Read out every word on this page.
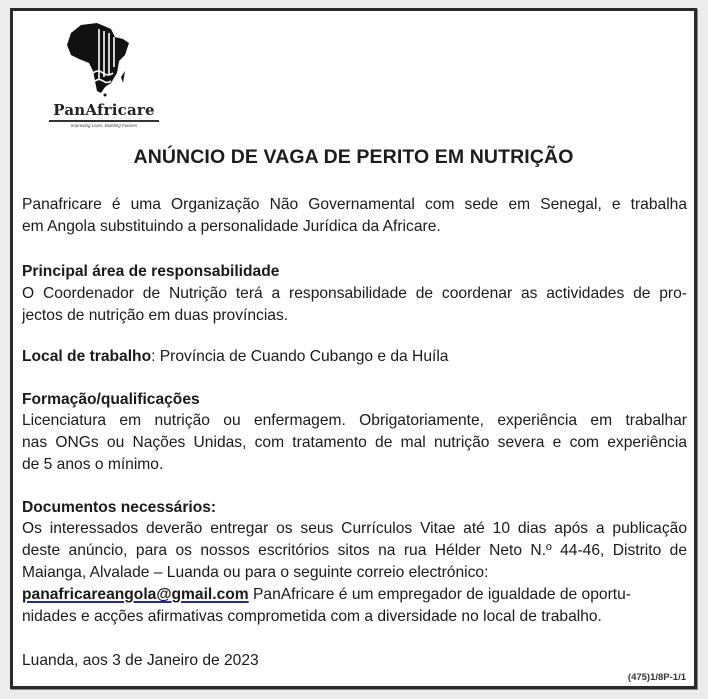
PanAfricare
Improving Lives, Building Futures
ANÚNCIO DE VAGA DE PERITO EM NUTRIÇÃO
Panafricare é uma Organização Não Governamental com sede em Senegal, e trabalha
em Angola substituindo a personalidade Jurídica da Africare.
Principal área de responsabilidade
O Coordenador de Nutrição terá a responsabilidade de coordenar as actividades de pro-
jectos de nutrição em duas províncias.
Local de trabalho: Província de Cuando Cubango e da Huíla
Formação/qualificações
Licenciatura em nutrição ou enfermagem. Obrigatoriamente, experiência em trabalhar
nas ONGs ou Nações Unidas, com tratamento de mal nutrição severa e com experiência
de 5 anos o mínimo.
Documentos necessários:
Os interessados deverão entregar os seus Currículos Vitae até 10 dias após a publicação
deste anúncio, para os nossos escritórios sitos na rua Hélder Neto N.º 44-46, Distrito de
Maianga, Alvalade – Luanda ou para o seguinte correio electrónico:
panafricareangola@gmail.com PanAfricare é um empregador de igualdade de oportu-
nidades e acções afirmativas comprometida com a diversidade no local de trabalho.
Luanda, aos 3 de Janeiro de 2023
(475)1/8P-1/1
